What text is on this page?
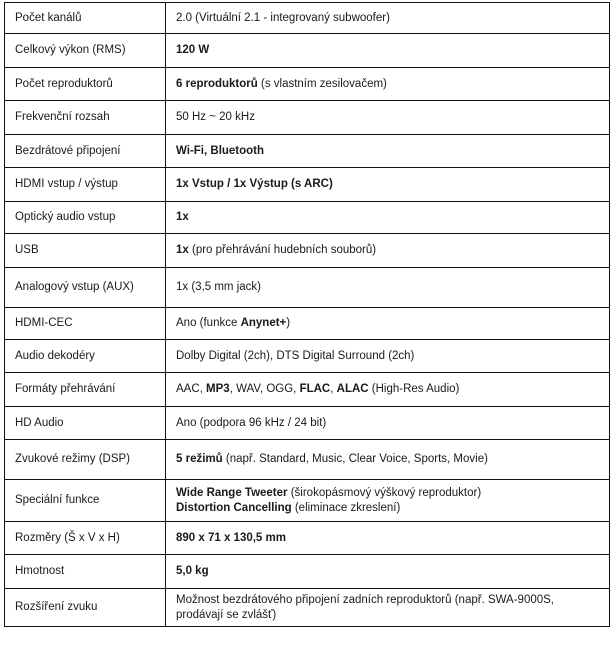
Počet kanálů	2.0 (Virtuální 2.1 - integrovaný subwoofer)
Celkový výkon (RMS)	120 W
Počet reproduktorů	6 reproduktorů (s vlastním zesilovačem)
Frekvenční rozsah	50 Hz ~ 20 kHz
Bezdrátové připojení	Wi-Fi, Bluetooth
HDMI vstup / výstup	1x Vstup / 1x Výstup (s ARC)
Optický audio vstup	1x
USB	1x (pro přehrávání hudebních souborů)
Analogový vstup (AUX)	1x (3,5 mm jack)
HDMI-CEC	Ano (funkce Anynet+)
Audio dekodéry	Dolby Digital (2ch), DTS Digital Surround (2ch)
Formáty přehrávání	AAC, MP3, WAV, OGG, FLAC, ALAC (High-Res Audio)
HD Audio	Ano (podpora 96 kHz / 24 bit)
Zvukové režimy (DSP)	5 režimů (např. Standard, Music, Clear Voice, Sports, Movie)
Speciální funkce	Wide Range Tweeter (širokopásmový výškový reproduktor)
Distortion Cancelling (eliminace zkreslení)
Rozměry (Š x V x H)	890 x 71 x 130,5 mm
Hmotnost	5,0 kg
Rozšíření zvuku	Možnost bezdrátového připojení zadních reproduktorů (např. SWA-9000S, prodávají se zvlášť)
